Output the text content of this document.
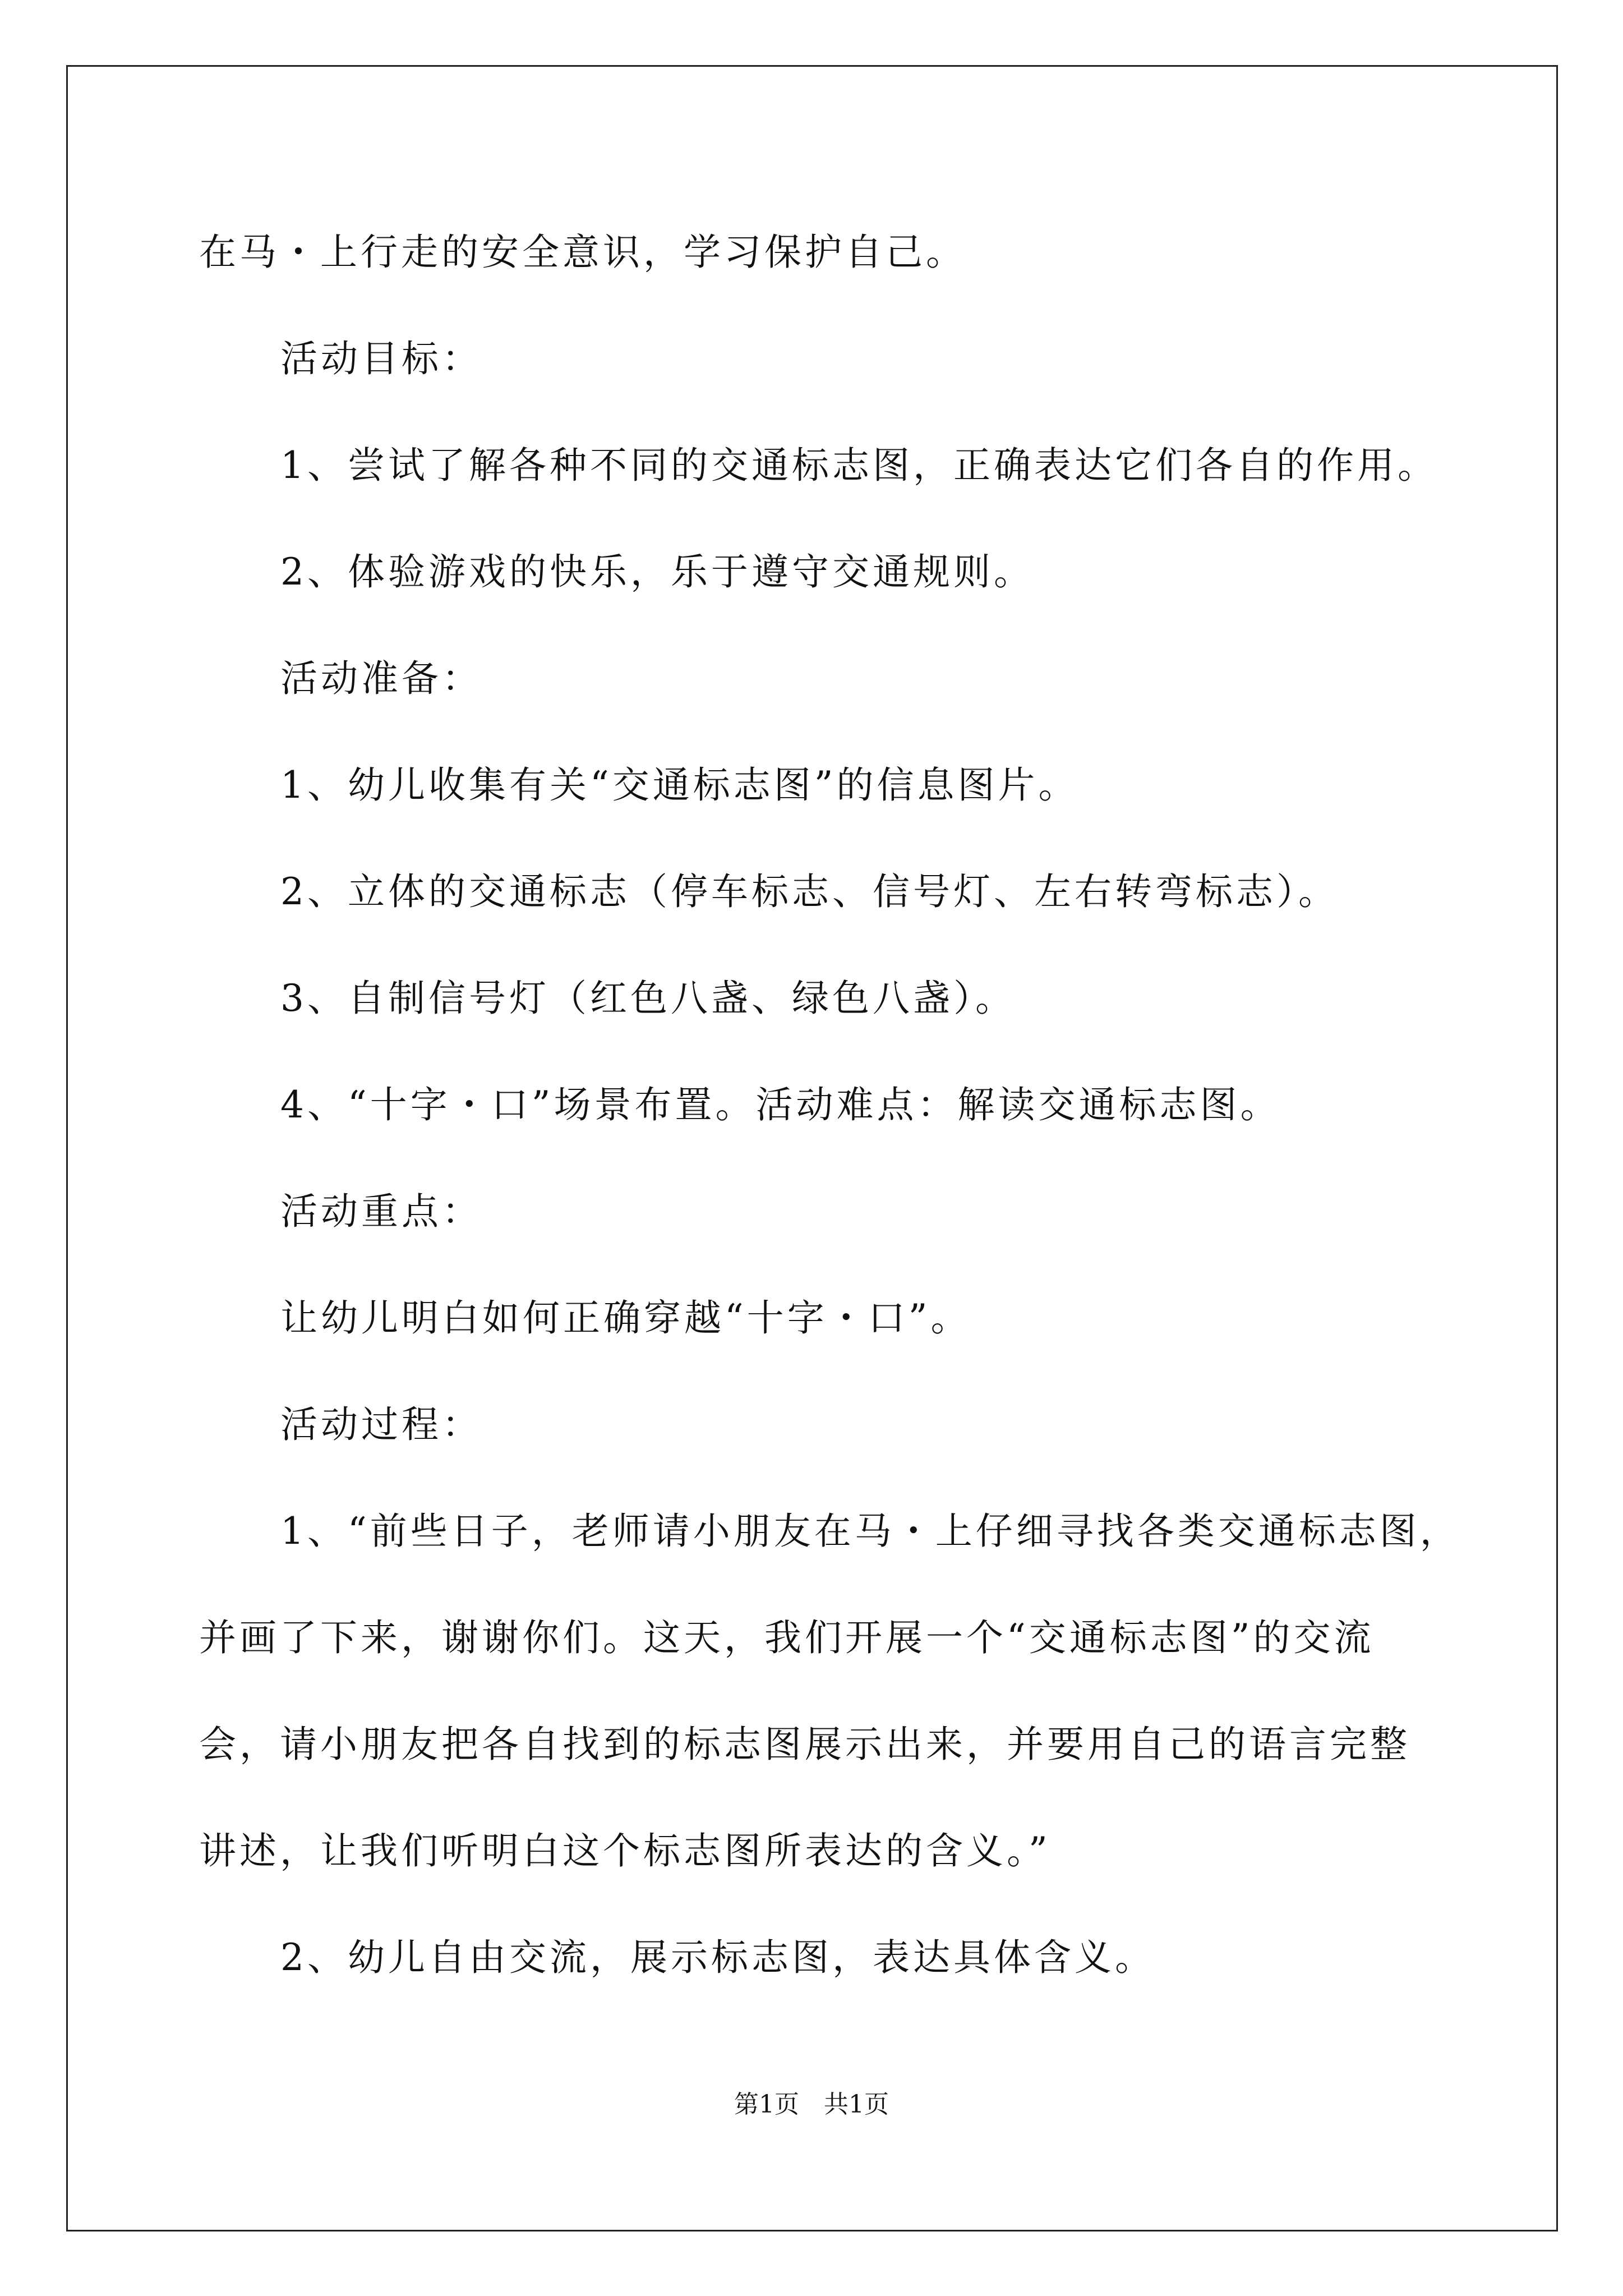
在马・上行走的安全意识，学习保护自己。
活动目标：
1、尝试了解各种不同的交通标志图，正确表达它们各自的作用。
2、体验游戏的快乐，乐于遵守交通规则。
活动准备：
1、幼儿收集有关“交通标志图”的信息图片。
2、立体的交通标志（停车标志、信号灯、左右转弯标志）。
3、自制信号灯（红色八盏、绿色八盏）。
4、“十字・口”场景布置。活动难点：解读交通标志图。
活动重点：
让幼儿明白如何正确穿越“十字・口”。
活动过程：
1、“前些日子，老师请小朋友在马・上仔细寻找各类交通标志图，
并画了下来，谢谢你们。这天，我们开展一个“交通标志图”的交流
会，请小朋友把各自找到的标志图展示出来，并要用自己的语言完整
讲述，让我们听明白这个标志图所表达的含义。”
2、幼儿自由交流，展示标志图，表达具体含义。
第1页　共1页
